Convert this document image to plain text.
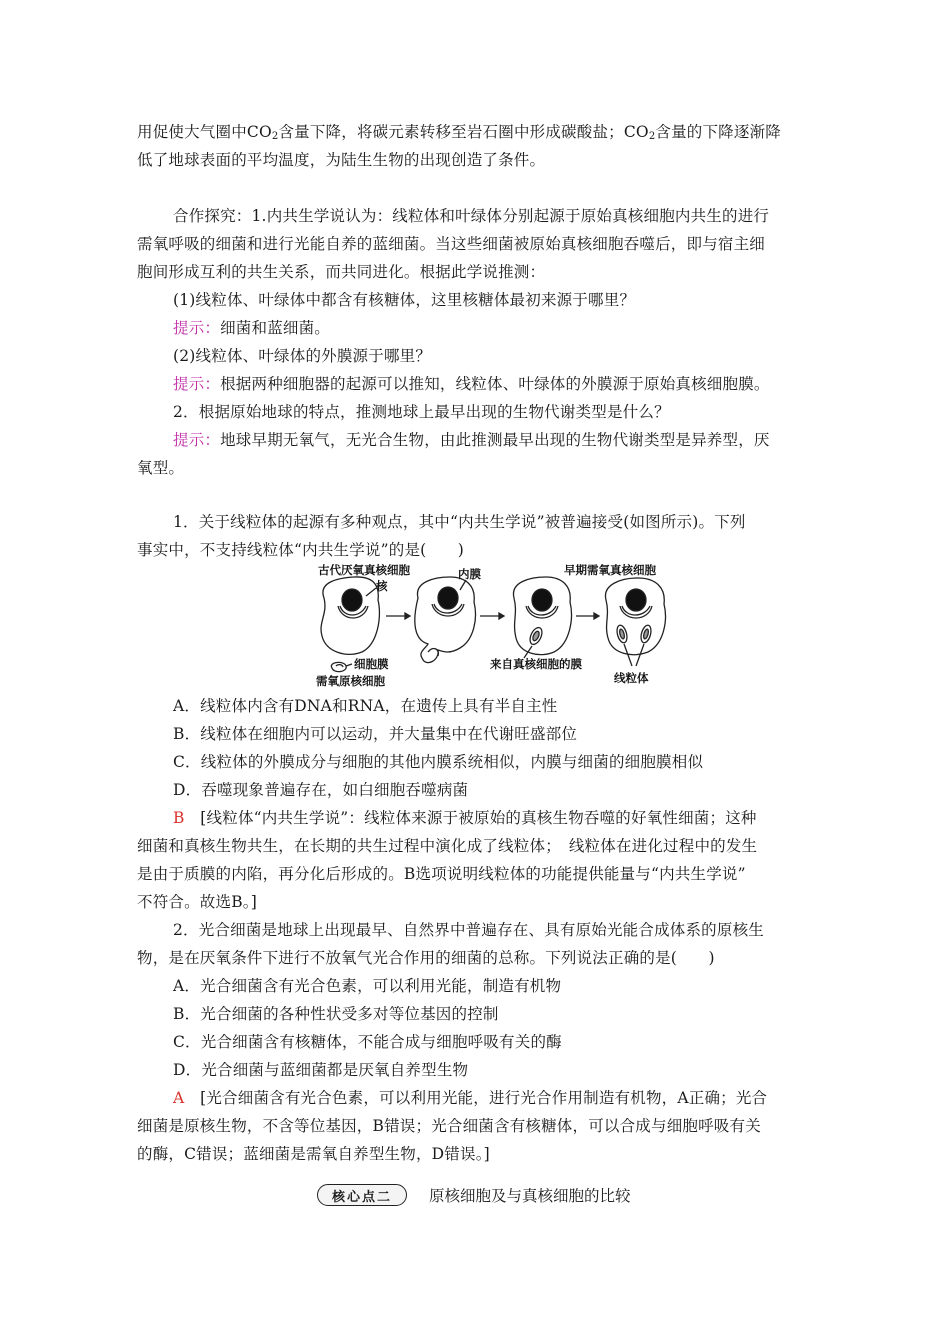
用促使大气圈中$CO_2$含量下降，将碳元素转移至岩石圈中形成碳酸盐；$CO_2$含量的下降逐渐降

低了地球表面的平均温度，为陆生生物的出现创造了条件。

合作探究：1.内共生学说认为：线粒体和叶绿体分别起源于原始真核细胞内共生的进行

需氧呼吸的细菌和进行光能自养的蓝细菌。当这些细菌被原始真核细胞吞噬后，即与宿主细

胞间形成互利的共生关系，而共同进化。根据此学说推测：

(1)线粒体、叶绿体中都含有核糖体，这里核糖体最初来源于哪里？

提示：细菌和蓝细菌。

(2)线粒体、叶绿体的外膜源于哪里？

提示：根据两种细胞器的起源可以推知，线粒体、叶绿体的外膜源于原始真核细胞膜。

2．根据原始地球的特点，推测地球上最早出现的生物代谢类型是什么？

提示：地球早期无氧气，无光合生物，由此推测最早出现的生物代谢类型是异养型，厌

氧型。

1．关于线粒体的起源有多种观点，其中“内共生学说”被普遍接受(如图所示)。下列

事实中，不支持线粒体“内共生学说”的是(　　)

古代厌氧真核细胞
核
内膜	早期需氧真核细胞
细胞膜
需氧原核细胞
来自真核细胞的膜
线粒体

A．线粒体内含有DNA和RNA，在遗传上具有半自主性

B．线粒体在细胞内可以运动，并大量集中在代谢旺盛部位

C．线粒体的外膜成分与细胞的其他内膜系统相似，内膜与细菌的细胞膜相似

D．吞噬现象普遍存在，如白细胞吞噬病菌

B　 [线粒体“内共生学说”：线粒体来源于被原始的真核生物吞噬的好氧性细菌；这种

细菌和真核生物共生，在长期的共生过程中演化成了线粒体；　线粒体在进化过程中的发生

是由于质膜的内陷，再分化后形成的。B选项说明线粒体的功能提供能量与“内共生学说”

不符合。故选B。]

2．光合细菌是地球上出现最早、自然界中普遍存在、具有原始光能合成体系的原核生

物，是在厌氧条件下进行不放氧气光合作用的细菌的总称。下列说法正确的是(　　)

A．光合细菌含有光合色素，可以利用光能，制造有机物

B．光合细菌的各种性状受多对等位基因的控制

C．光合细菌含有核糖体，不能合成与细胞呼吸有关的酶

D．光合细菌与蓝细菌都是厌氧自养型生物

A　 [光合细菌含有光合色素，可以利用光能，进行光合作用制造有机物，A正确；光合

细菌是原核生物，不含等位基因，B错误；光合细菌含有核糖体，可以合成与细胞呼吸有关

的酶，C错误；蓝细菌是需氧自养型生物，D错误。]

核心点二	原核细胞及与真核细胞的比较
